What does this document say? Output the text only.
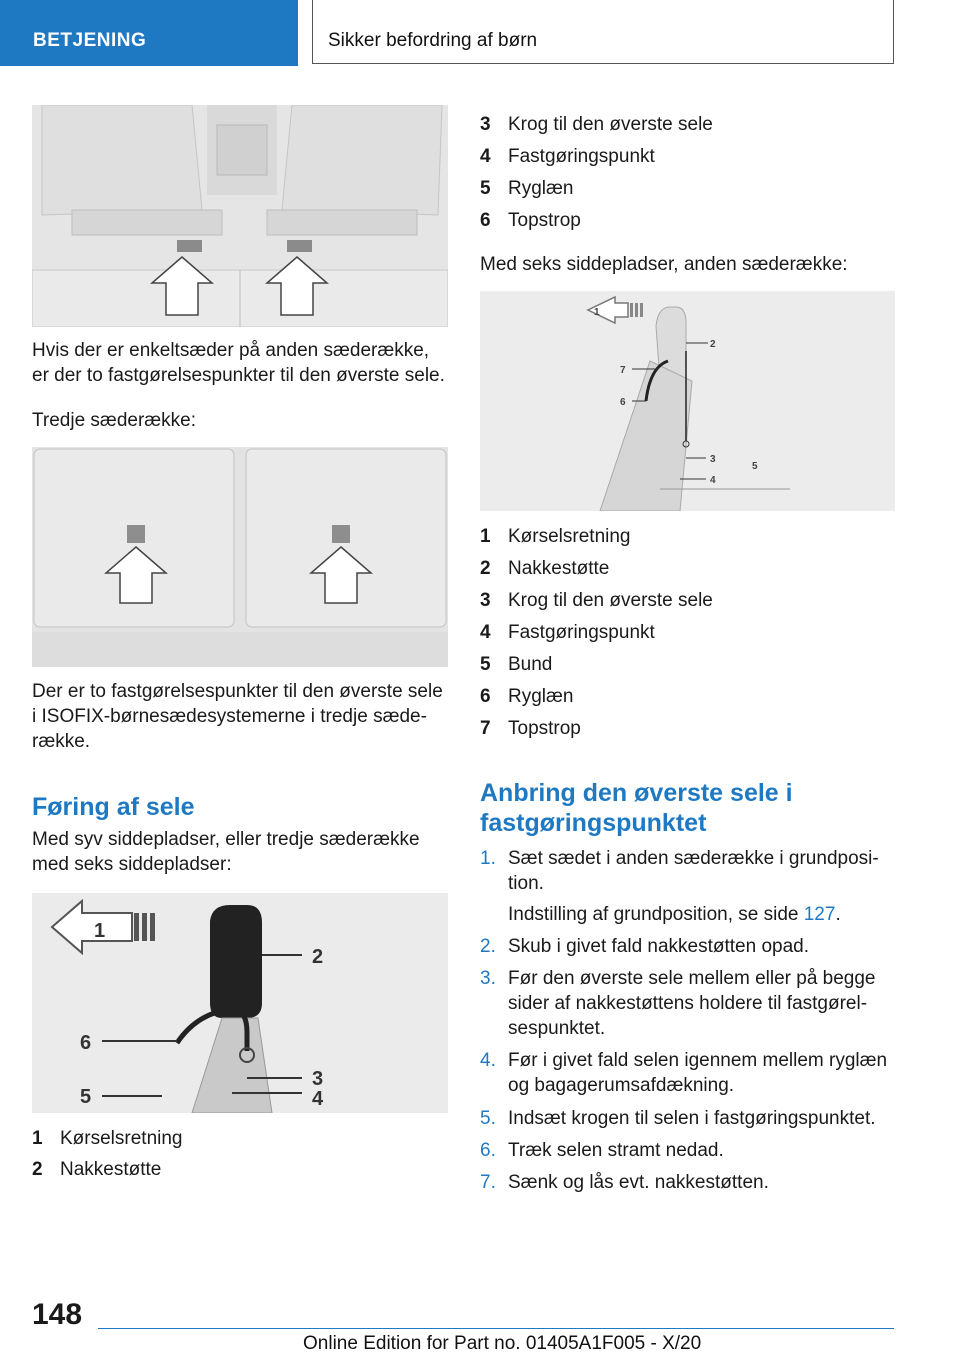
BETJENING	Sikker befordring af børn
Hvis der er enkeltsæder på anden sæderække, er der to fastgørelsespunkter til den øverste sele.
Tredje sæderække:
Der er to fastgørelsespunkter til den øverste sele i ISOFIX-børnesædesystemerne i tredje sæde-række.
Føring af sele
Med syv siddepladser, eller tredje sæderække med seks siddepladser:
1
2
6
3
5	4
1 Kørselsretning
2 Nakkestøtte
3 Krog til den øverste sele
4 Fastgøringspunkt
5 Ryglæn
6 Topstrop
Med seks siddepladser, anden sæderække:
1
2
7
6
3
5
4
1 Kørselsretning
2 Nakkestøtte
3 Krog til den øverste sele
4 Fastgøringspunkt
5 Bund
6 Ryglæn
7 Topstrop
Anbring den øverste sele i fastgøringspunktet
1. Sæt sædet i anden sæderække i grundposi-tion.
Indstilling af grundposition, se side 127.
2. Skub i givet fald nakkestøtten opad.
3. Før den øverste sele mellem eller på begge sider af nakkestøttens holdere til fastgørel-sespunktet.
4. Før i givet fald selen igennem mellem ryglæn og bagagerumsafdækning.
5. Indsæt krogen til selen i fastgøringspunktet.
6. Træk selen stramt nedad.
7. Sænk og lås evt. nakkestøtten.
148
Online Edition for Part no. 01405A1F005 - X/20
